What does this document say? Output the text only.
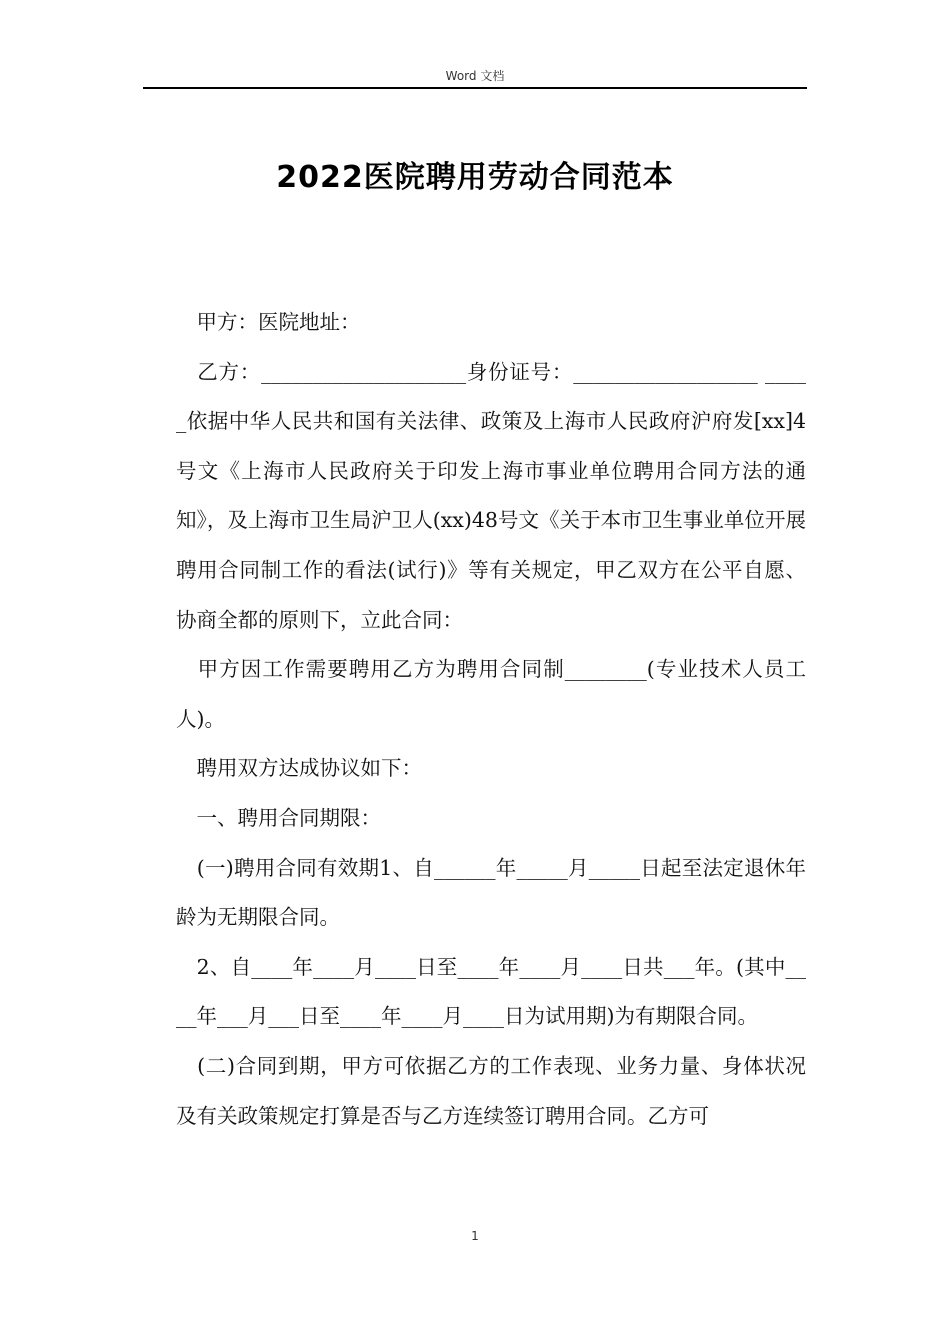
Word 文档
2022医院聘用劳动合同范本

　甲方：医院地址：

　乙方：____________________身份证号：__________________ _____依据中华人民共和国有关法律、政策及上海市人民政府沪府发[xx]4号文《上海市人民政府关于印发上海市事业单位聘用合同方法的通知》，及上海市卫生局沪卫人(xx)48号文《关于本市卫生事业单位开展聘用合同制工作的看法(试行)》等有关规定，甲乙双方在公平自愿、协商全都的原则下，立此合同：

　甲方因工作需要聘用乙方为聘用合同制________(专业技术人员工人)。

　聘用双方达成协议如下：

　一、聘用合同期限：

　(一)聘用合同有效期1、自______年_____月_____日起至法定退休年龄为无期限合同。

　2、自____年____月____日至____年____月____日共___年。(其中____年___月___日至____年____月____日为试用期)为有期限合同。

　(二)合同到期，甲方可依据乙方的工作表现、业务力量、身体状况及有关政策规定打算是否与乙方连续签订聘用合同。乙方可

1
